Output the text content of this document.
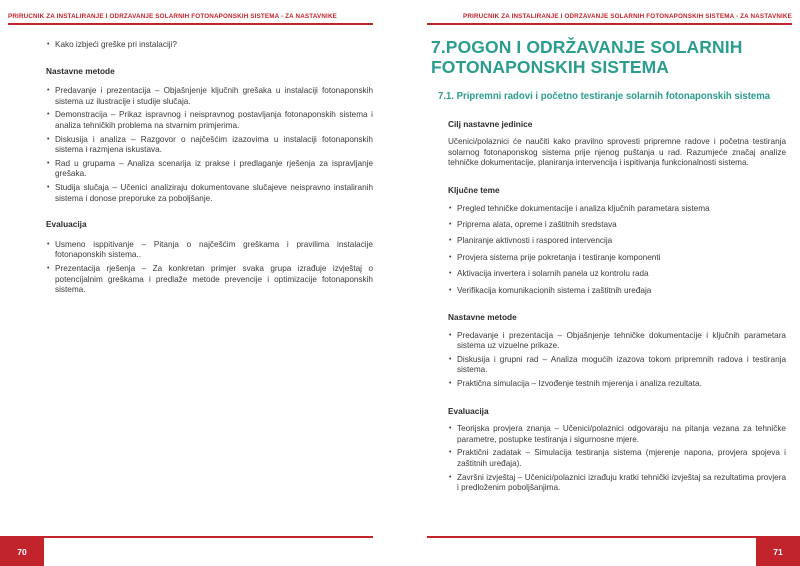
PRIRUČNIK ZA INSTALIRANJE I ODRŽAVANJE SOLARNIH FOTONAPONSKIH SISTEMA - ZA NASTAVNIKE
• Kako izbjeći greške pri instalaciji?
Nastavne metode
• Predavanje i prezentacija – Objašnjenje ključnih grešaka u instalaciji fotonaponskih sistema uz ilustracije i studije slučaja.
• Demonstracija – Prikaz ispravnog i neispravnog postavljanja fotonaponskih sistema i analiza tehničkih problema na stvarnim primjerima.
• Diskusija i analiza – Razgovor o najčešćim izazovima u instalaciji fotonaponskih sistema i razmjena iskustava.
• Rad u grupama – Analiza scenarija iz prakse i predlaganje rješenja za ispravljanje grešaka.
• Studija slučaja – Učenici analiziraju dokumentovane slučajeve neispravno instaliranih sistema i donose preporuke za poboljšanje.
Evaluacija
• Usmeno isppitivanje – Pitanja o najčešćim greškama i pravilima instalacije fotonaponskih sistema..
• Prezentacija rješenja – Za konkretan primjer svaka grupa izrađuje izvještaj o potencijalnim greškama i predlaže metode prevencije i optimizacije fotonaponskih sistema.
70
PRIRUČNIK ZA INSTALIRANJE I ODRŽAVANJE SOLARNIH FOTONAPONSKIH SISTEMA - ZA NASTAVNIKE
7.POGON I ODRŽAVANJE SOLARNIH FOTONAPONSKIH SISTEMA
7.1. Pripremni radovi i početno testiranje solarnih fotonaponskih sistema
Cilj nastavne jedinice

Učenici/polaznici će naučiti kako pravilno sprovesti pripremne radove i početna testiranja solarnog fotonaponskog sistema prije njenog puštanja u rad. Razumjeće značaj analize tehničke dokumentacije, planiranja intervencija i ispitivanja funkcionalnosti sistema.

Ključne teme
• Pregled tehničke dokumentacije i analiza ključnih parametara sistema
• Priprema alata, opreme i zaštitnih sredstava
• Planiranje aktivnosti i raspored intervencija
• Provjera sistema prije pokretanja i testiranje komponenti
• Aktivacija invertera i solarnih panela uz kontrolu rada
• Verifikacija komunikacionih sistema i zaštitnih uređaja
Nastavne metode
• Predavanje i prezentacija – Objašnjenje tehničke dokumentacije i ključnih parametara sistema uz vizuelne prikaze.
• Diskusija i grupni rad – Analiza mogućih izazova tokom pripremnih radova i testiranja sistema.
• Praktična simulacija – Izvođenje testnih mjerenja i analiza rezultata.
Evaluacija
• Teorijska provjera znanja – Učenici/polaznici odgovaraju na pitanja vezana za tehničke parametre, postupke testiranja i sigurnosne mjere.
• Praktični zadatak – Simulacija testiranja sistema (mjerenje napona, provjera spojeva i zaštitnih uređaja).
• Završni izvještaj – Učenici/polaznici izrađuju kratki tehnički izvještaj sa rezultatima provjera i predloženim poboljšanjima.
71
